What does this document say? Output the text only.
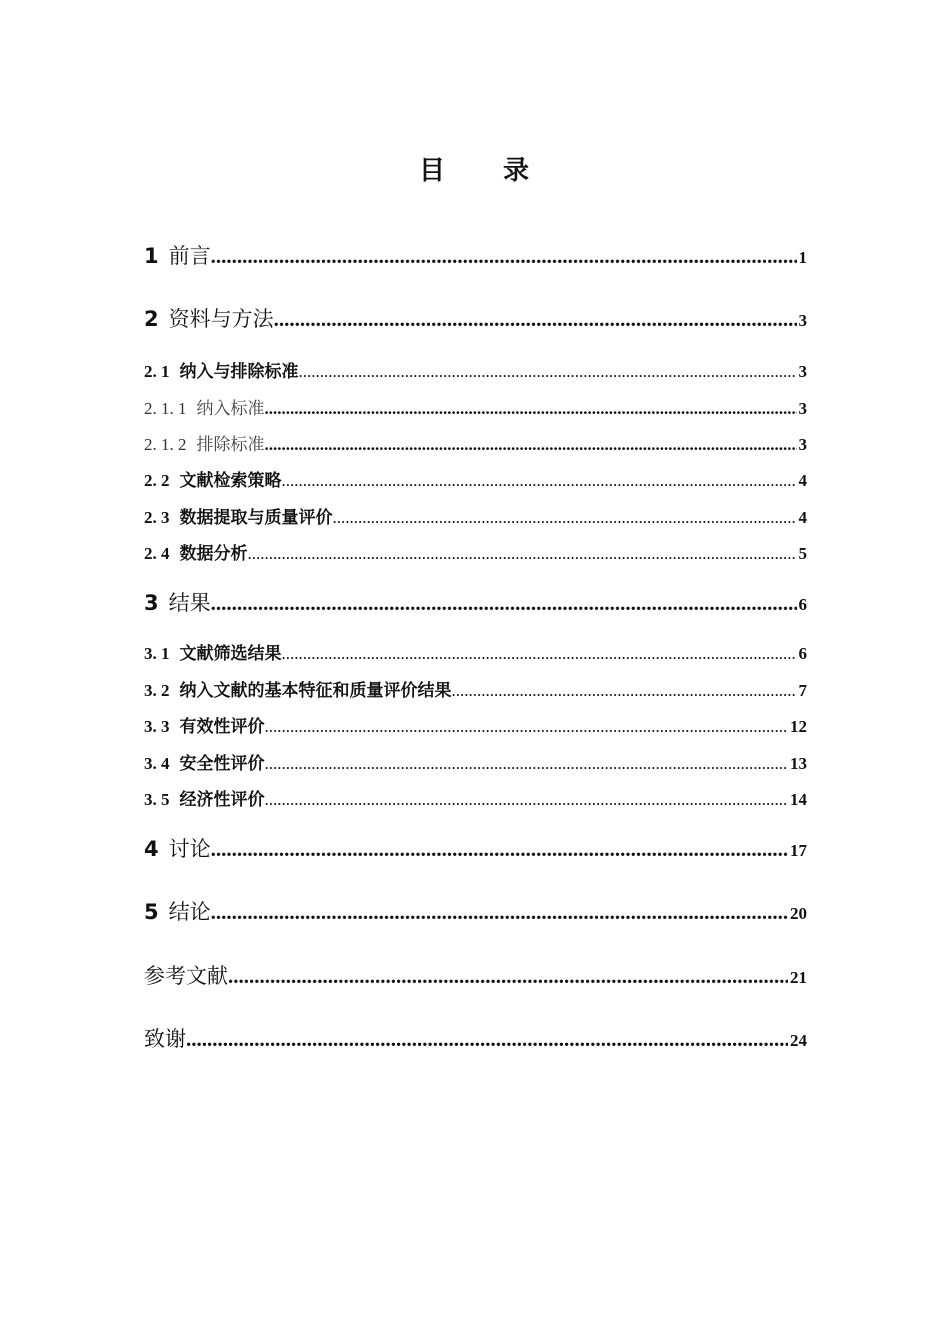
目　　录
1 前言 .....	1
2 资料与方法 .....	3
2. 1 纳入与排除标准 .....	3
2. 1. 1 纳入标准 .....	3
2. 1. 2 排除标准 .....	3
2. 2 文献检索策略 .....	4
2. 3 数据提取与质量评价 .....	4
2. 4 数据分析 .....	5
3 结果 .....	6
3. 1 文献筛选结果 .....	6
3. 2 纳入文献的基本特征和质量评价结果 .....	7
3. 3 有效性评价 .....	12
3. 4 安全性评价 .....	13
3. 5 经济性评价 .....	14
4 讨论 .....	17
5 结论 .....	20
参考文献 .....	21
致谢 .....	24
